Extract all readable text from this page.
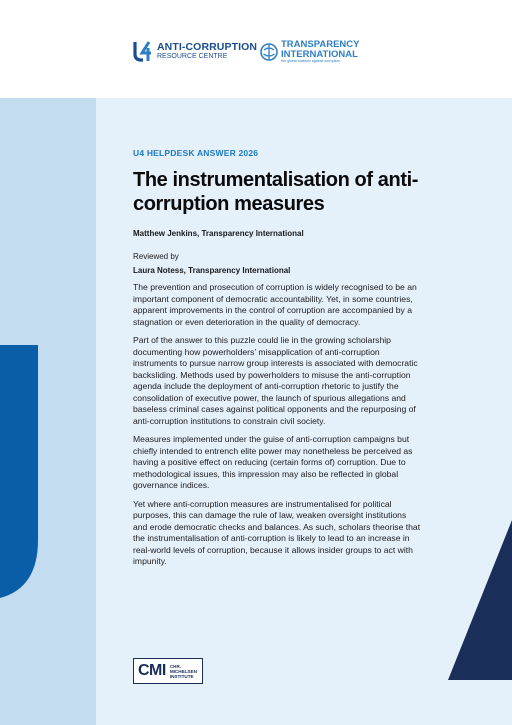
ANTI-CORRUPTION
RESOURCE CENTRE
TRANSPARENCY
INTERNATIONAL
the global coalition against corruption
U4 HELPDESK ANSWER 2026
The instrumentalisation of anti-corruption measures
Matthew Jenkins, Transparency International
Reviewed by
Laura Notess, Transparency International

The prevention and prosecution of corruption is widely recognised to be an important component of democratic accountability. Yet, in some countries, apparent improvements in the control of corruption are accompanied by a stagnation or even deterioration in the quality of democracy.

Part of the answer to this puzzle could lie in the growing scholarship documenting how powerholders’ misapplication of anti-corruption instruments to pursue narrow group interests is associated with democratic backsliding. Methods used by powerholders to misuse the anti-corruption agenda include the deployment of anti-corruption rhetoric to justify the consolidation of executive power, the launch of spurious allegations and baseless criminal cases against political opponents and the repurposing of anti-corruption institutions to constrain civil society.

Measures implemented under the guise of anti-corruption campaigns but chiefly intended to entrench elite power may nonetheless be perceived as having a positive effect on reducing (certain forms of) corruption. Due to methodological issues, this impression may also be reflected in global governance indices.

Yet where anti-corruption measures are instrumentalised for political purposes, this can damage the rule of law, weaken oversight institutions and erode democratic checks and balances. As such, scholars theorise that the instrumentalisation of anti-corruption is likely to lead to an increase in real-world levels of corruption, because it allows insider groups to act with impunity.

CMI CHR.
MICHELSEN
INSTITUTE
